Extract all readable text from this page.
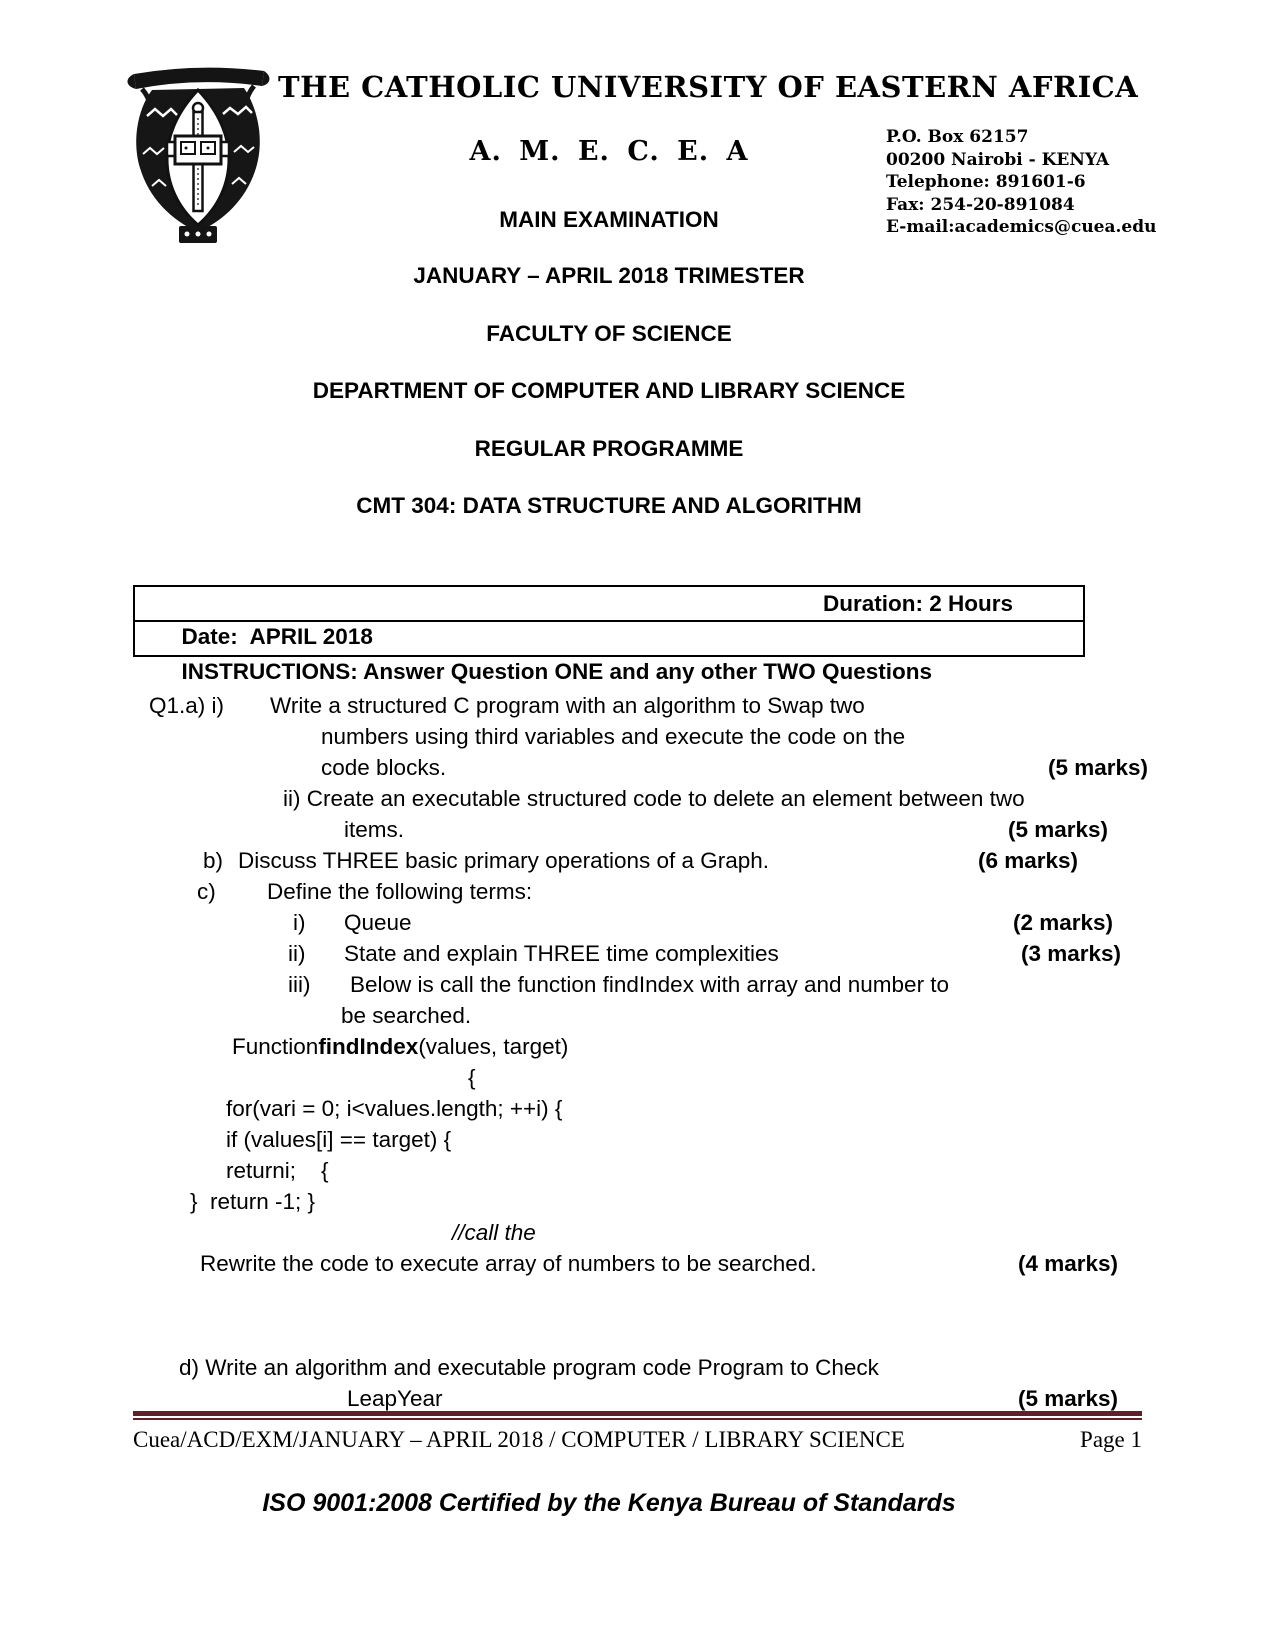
THE CATHOLIC UNIVERSITY OF EASTERN AFRICA
A. M. E. C. E. A	P.O. Box 62157
00200 Nairobi - KENYA
Telephone: 891601-6
Fax: 254-20-891084
E-mail:academics@cuea.edu
MAIN EXAMINATION
JANUARY – APRIL 2018 TRIMESTER
FACULTY OF SCIENCE
DEPARTMENT OF COMPUTER AND LIBRARY SCIENCE
REGULAR PROGRAMME
CMT 304: DATA STRUCTURE AND ALGORITHM

Date:  APRIL 2018

Duration: 2 Hours

INSTRUCTIONS: Answer Question ONE and any other TWO Questions

Q1.a) i)

Write a structured C program with an algorithm to Swap two

numbers using third variables and execute the code on the

code blocks.

	(5 marks)

ii) Create an executable structured code to delete an element between two

items.

	(5 marks)

b)

Discuss THREE basic primary operations of a Graph.

	(6 marks)

c)

Define the following terms:

i)

Queue

	(2 marks)

ii)

State and explain THREE time complexities

	(3 marks)

iii)

Below is call the function findIndex with array and number to

be searched.

FunctionfindIndex(values, target)

{

for(vari = 0; i<values.length; ++i) {

if (values[i] == target) {

returni;    {

}  return -1; }

//call the

Rewrite the code to execute array of numbers to be searched.

	(4 marks)

d) Write an algorithm and executable program code Program to Check

LeapYear

	(5 marks)

Cuea/ACD/EXM/JANUARY – APRIL 2018 / COMPUTER / LIBRARY SCIENCE	Page 1
ISO 9001:2008 Certified by the Kenya Bureau of Standards
